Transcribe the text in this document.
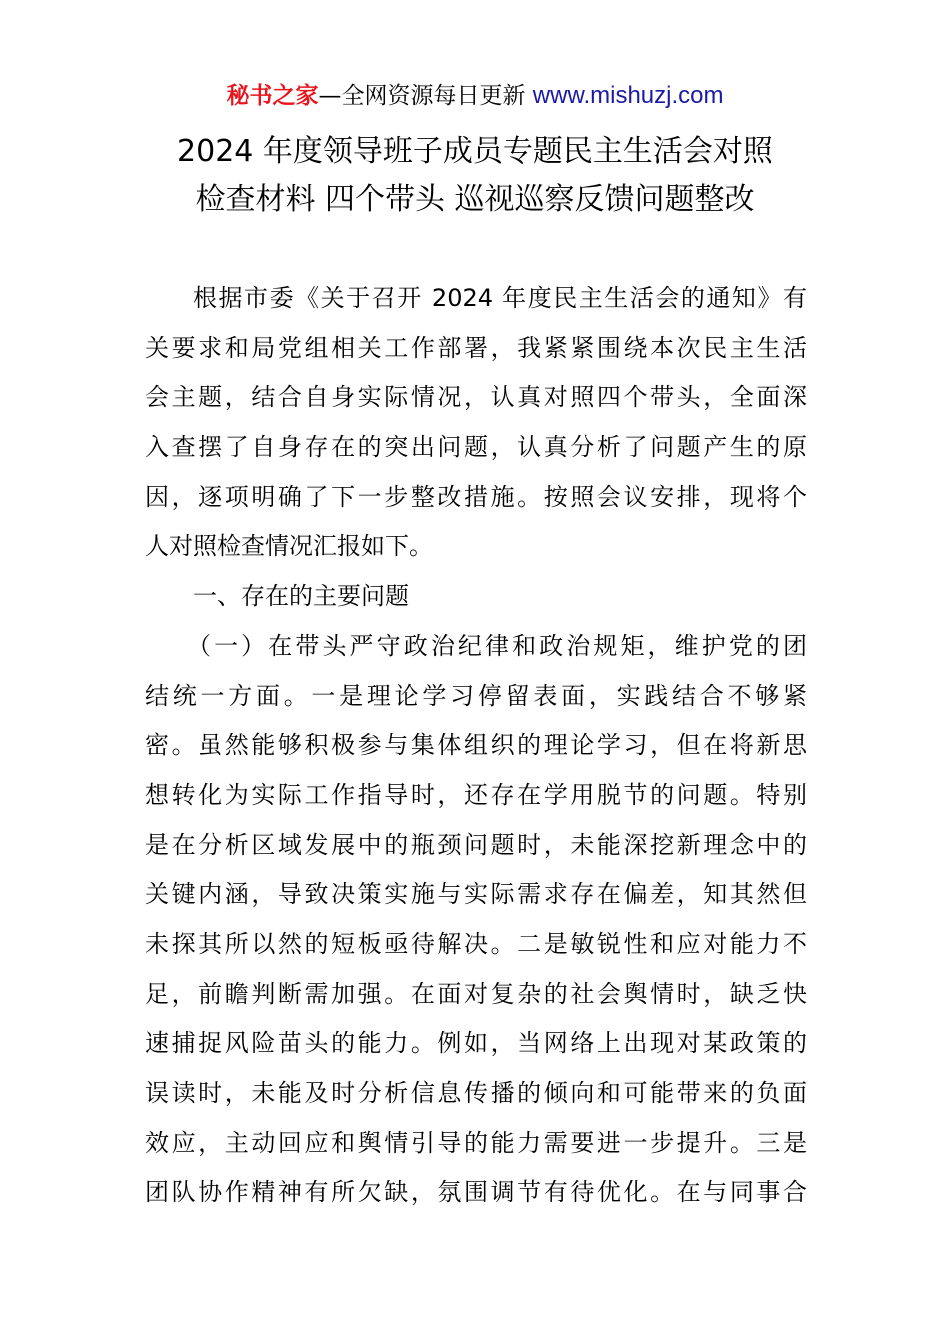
秘书之家—全网资源每日更新 www.mishuzj.com
2024 年度领导班子成员专题民主生活会对照
检查材料 四个带头 巡视巡察反馈问题整改
根据市委《关于召开 2024 年度民主生活会的通知》有
关要求和局党组相关工作部署，我紧紧围绕本次民主生活
会主题，结合自身实际情况，认真对照四个带头，全面深
入查摆了自身存在的突出问题，认真分析了问题产生的原
因，逐项明确了下一步整改措施。按照会议安排，现将个
人对照检查情况汇报如下。
一、存在的主要问题
（一）在带头严守政治纪律和政治规矩，维护党的团
结统一方面。一是理论学习停留表面，实践结合不够紧
密。虽然能够积极参与集体组织的理论学习，但在将新思
想转化为实际工作指导时，还存在学用脱节的问题。特别
是在分析区域发展中的瓶颈问题时，未能深挖新理念中的
关键内涵，导致决策实施与实际需求存在偏差，知其然但
未探其所以然的短板亟待解决。二是敏锐性和应对能力不
足，前瞻判断需加强。在面对复杂的社会舆情时，缺乏快
速捕捉风险苗头的能力。例如，当网络上出现对某政策的
误读时，未能及时分析信息传播的倾向和可能带来的负面
效应，主动回应和舆情引导的能力需要进一步提升。三是
团队协作精神有所欠缺，氛围调节有待优化。在与同事合
